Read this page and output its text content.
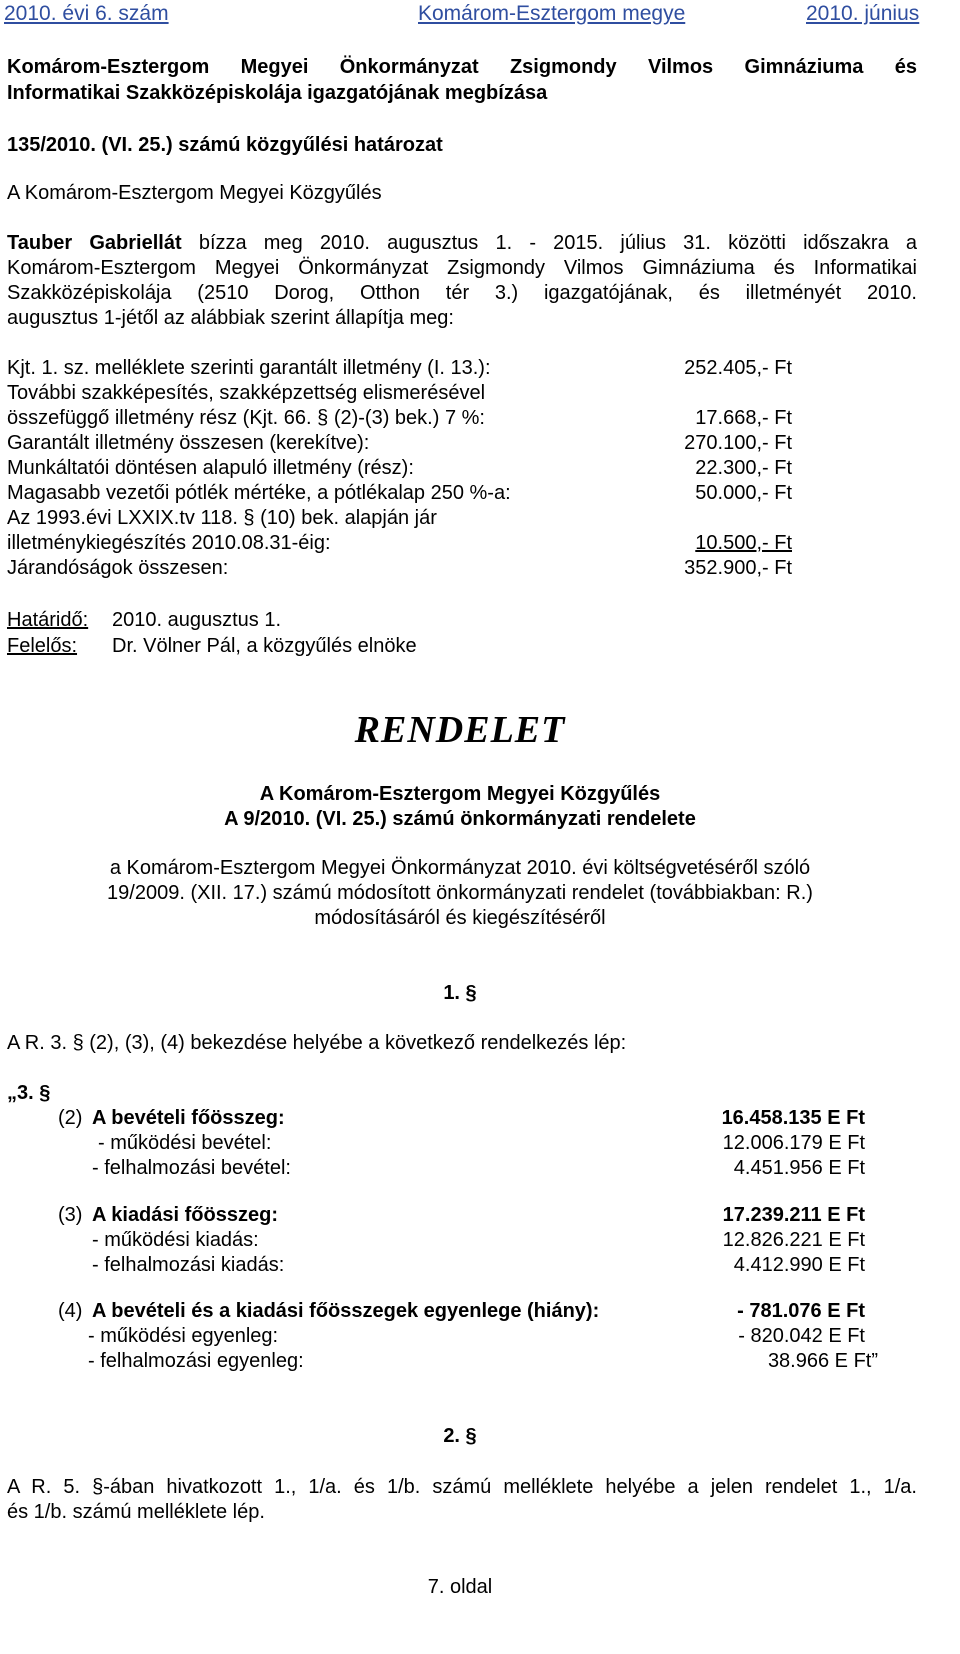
2010. évi 6. szám	Komárom-Esztergom megye	2010. június
Komárom-Esztergom Megyei Önkormányzat Zsigmondy Vilmos Gimnáziuma és
Informatikai Szakközépiskolája igazgatójának megbízása
135/2010. (VI. 25.) számú közgyűlési határozat
A Komárom-Esztergom Megyei Közgyűlés
Tauber Gabriellát bízza meg 2010. augusztus 1. - 2015. július 31. közötti időszakra a
Komárom-Esztergom Megyei Önkormányzat Zsigmondy Vilmos Gimnáziuma és Informatikai
Szakközépiskolája (2510 Dorog, Otthon tér 3.) igazgatójának, és illetményét 2010.
augusztus 1-jétől az alábbiak szerint állapítja meg:
Kjt. 1. sz. melléklete szerinti garantált illetmény (I. 13.):	252.405,- Ft
További szakképesítés, szakképzettség elismerésével
összefüggő illetmény rész (Kjt. 66. § (2)-(3) bek.) 7 %:	17.668,- Ft
Garantált illetmény összesen (kerekítve):	270.100,- Ft
Munkáltatói döntésen alapuló illetmény (rész):	22.300,- Ft
Magasabb vezetői pótlék mértéke, a pótlékalap 250 %-a:	50.000,- Ft
Az 1993.évi LXXIX.tv 118. § (10) bek. alapján jár
illetménykiegészítés 2010.08.31-éig:	10.500,- Ft
Járandóságok összesen:	352.900,- Ft
Határidő: 2010. augusztus 1.
Felelős: Dr. Völner Pál, a közgyűlés elnöke
RENDELET
A Komárom-Esztergom Megyei Közgyűlés
A 9/2010. (VI. 25.) számú önkormányzati rendelete
a Komárom-Esztergom Megyei Önkormányzat 2010. évi költségvetéséről szóló
19/2009. (XII. 17.) számú módosított önkormányzati rendelet (továbbiakban: R.)
módosításáról és kiegészítéséről
1. §
A R. 3. § (2), (3), (4) bekezdése helyébe a következő rendelkezés lép:
„3. §
(2) A bevételi főösszeg:	16.458.135 E Ft
- működési bevétel:	12.006.179 E Ft
- felhalmozási bevétel:	4.451.956 E Ft
(3) A kiadási főösszeg:	17.239.211 E Ft
- működési kiadás:	12.826.221 E Ft
- felhalmozási kiadás:	4.412.990 E Ft
(4) A bevételi és a kiadási főösszegek egyenlege (hiány):	- 781.076 E Ft
- működési egyenleg:	- 820.042 E Ft
- felhalmozási egyenleg:	38.966 E Ft”
2. §
A R. 5. §-ában hivatkozott 1., 1/a. és 1/b. számú melléklete helyébe a jelen rendelet 1., 1/a.
és 1/b. számú melléklete lép.
7. oldal
